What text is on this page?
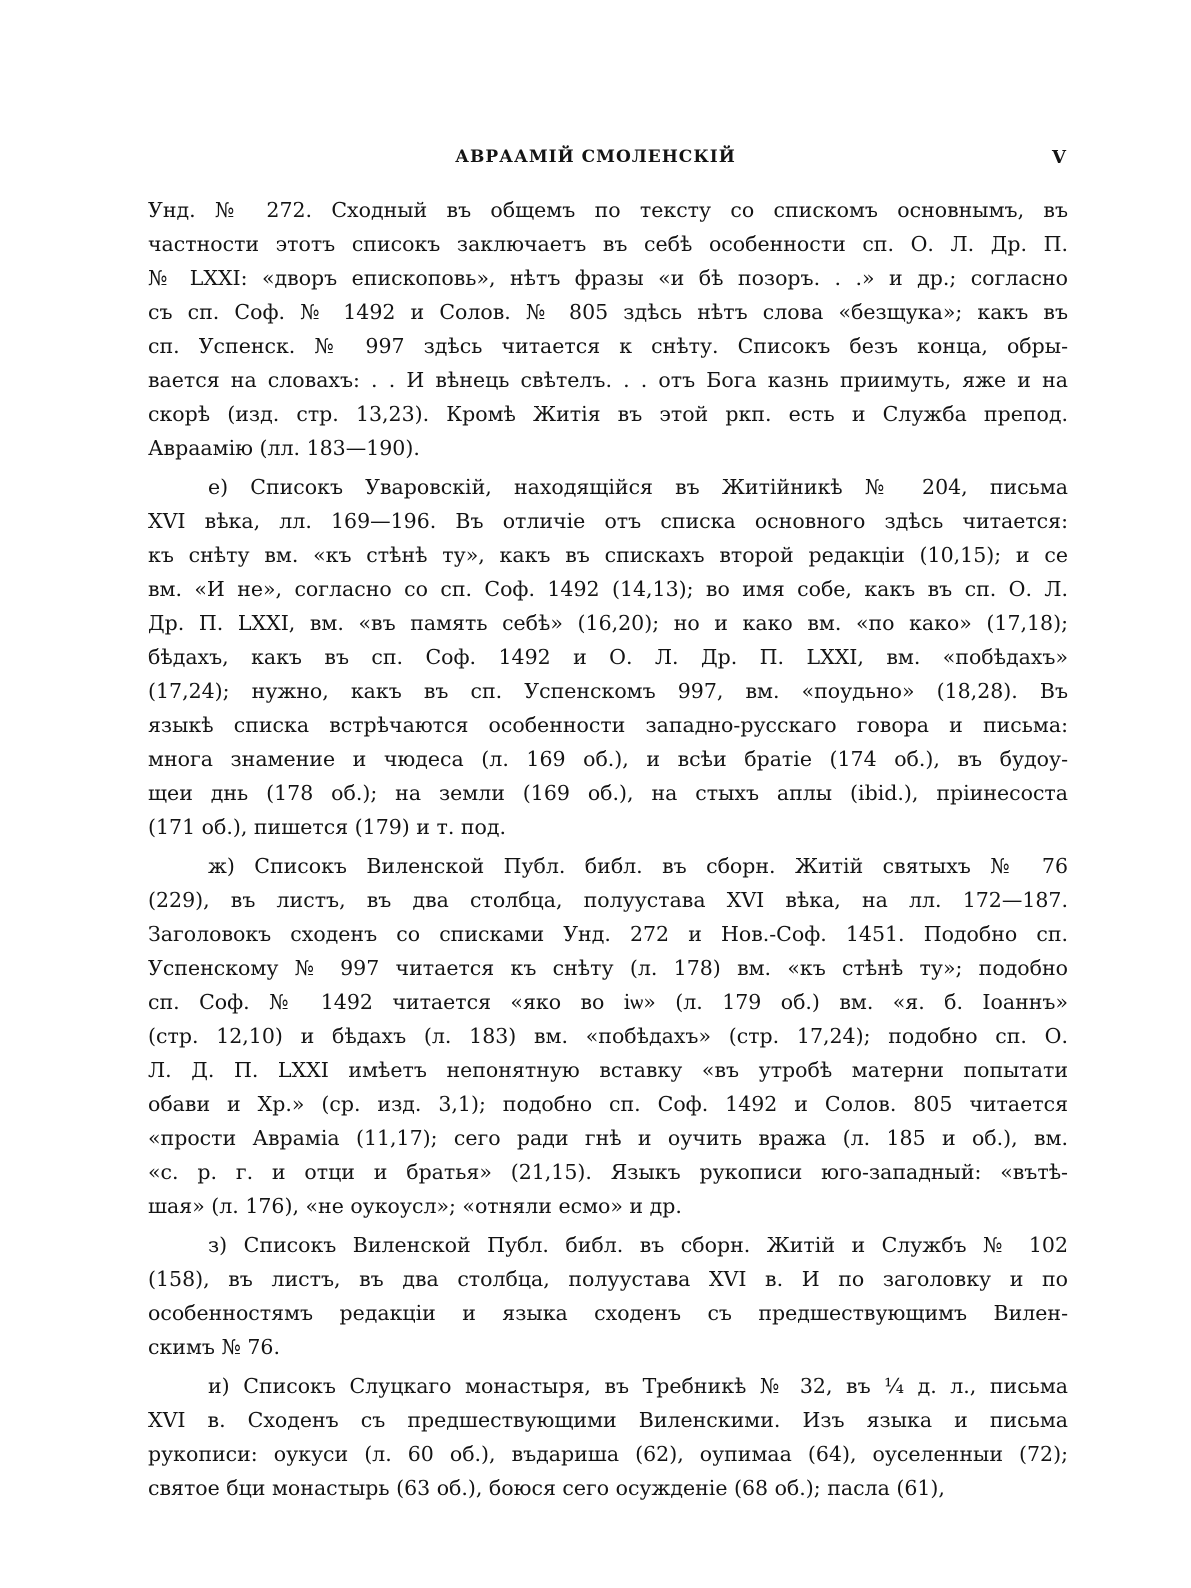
АВРААМІЙ СМОЛЕНСКІЙ	V
Унд. № 272. Сходный въ общемъ по тексту со спискомъ основнымъ, въ
частности этотъ списокъ заключаетъ въ себѣ особенности сп. О. Л. Др. П.
№ LXXI: «дворъ епископовь», нѣтъ фразы «и бѣ позоръ. . .» и др.; согласно
съ сп. Соф. № 1492 и Солов. № 805 здѣсь нѣтъ слова «безщука»; какъ въ
сп. Успенск. № 997 здѣсь читается к снѣту. Списокъ безъ конца, обры-
вается на словахъ: . . И вѣнець свѣтелъ. . . отъ Бога казнь приимуть, яже и на
скорѣ (изд. стр. 13,23). Кромѣ Житія въ этой ркп. есть и Служба препод.
Авраамію (лл. 183—190).
е) Списокъ Уваровскій, находящійся въ Житійникѣ № 204, письма
XVI вѣка, лл. 169—196. Въ отличіе отъ списка основного здѣсь читается:
къ снѣту вм. «къ стѣнѣ ту», какъ въ спискахъ второй редакціи (10,15); и се
вм. «И не», согласно со сп. Соф. 1492 (14,13); во имя собе, какъ въ сп. О. Л.
Др. П. LXXI, вм. «въ память себѣ» (16,20); но и како вм. «по како» (17,18);
бѣдахъ, какъ въ сп. Соф. 1492 и О. Л. Др. П. LXXI, вм. «побѣдахъ»
(17,24); нужно, какъ въ сп. Успенскомъ 997, вм. «поудьно» (18,28). Въ
языкѣ списка встрѣчаются особенности западно-русскаго говора и письма:
многа знамение и чюдеса (л. 169 об.), и всѣи братіе (174 об.), въ будоу-
щеи днь (178 об.); на земли (169 об.), на стыхъ аплы (ibid.), пріинесоста
(171 об.), пишется (179) и т. под.
ж) Списокъ Виленской Публ. библ. въ сборн. Житій святыхъ № 76
(229), въ листъ, въ два столбца, полуустава XVI вѣка, на лл. 172—187.
Заголовокъ сходенъ со списками Унд. 272 и Нов.-Соф. 1451. Подобно сп.
Успенскому № 997 читается къ снѣту (л. 178) вм. «къ стѣнѣ ту»; подобно
сп. Соф. № 1492 читается «яко во іѡ» (л. 179 об.) вм. «я. б. Іоаннъ»
(стр. 12,10) и бѣдахъ (л. 183) вм. «побѣдахъ» (стр. 17,24); подобно сп. О.
Л. Д. П. LXXI имѣетъ непонятную вставку «въ утробѣ матерни попытати
обави и Хр.» (ср. изд. 3,1); подобно сп. Соф. 1492 и Солов. 805 читается
«прости Авраміа (11,17); сего ради гнѣ и оучить вража (л. 185 и об.), вм.
«с. р. г. и отци и братья» (21,15). Языкъ рукописи юго-западный: «вътѣ-
шая» (л. 176), «не оукоусл»; «отняли есмо» и др.
з) Списокъ Виленской Публ. библ. въ сборн. Житій и Службъ № 102
(158), въ листъ, въ два столбца, полуустава XVI в. И по заголовку и по
особенностямъ редакціи и языка сходенъ съ предшествующимъ Вилен-
скимъ № 76.
и) Списокъ Слуцкаго монастыря, въ Требникѣ № 32, въ ¼ д. л., письма
XVI в. Сходенъ съ предшествующими Виленскими. Изъ языка и письма
рукописи: оукуси (л. 60 об.), въдариша (62), оупимаа (64), оуселенныи (72);
святое бци монастырь (63 об.), боюся сего осужденіе (68 об.); пасла (61),
